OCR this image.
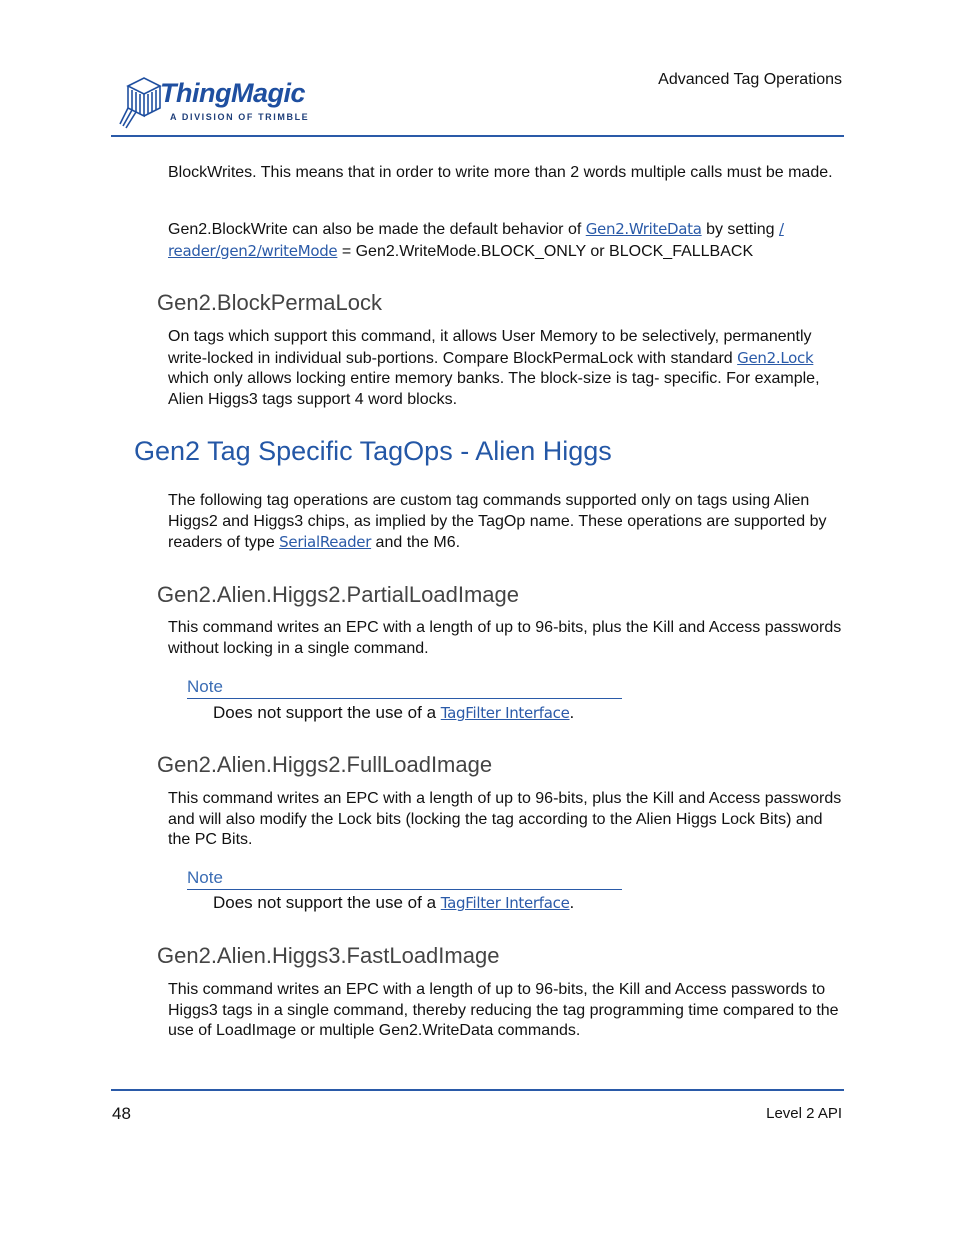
ThingMagic
A DIVISION OF TRIMBLE
Advanced Tag Operations

BlockWrites. This means that in order to write more than 2 words multiple calls must be made.

Gen2.BlockWrite can also be made the default behavior of Gen2.WriteData by setting /
reader/gen2/writeMode = Gen2.WriteMode.BLOCK_ONLY or BLOCK_FALLBACK

Gen2.BlockPermaLock

On tags which support this command, it allows User Memory to be selectively, permanently write-locked in individual sub-portions. Compare BlockPermaLock with standard Gen2.Lock which only allows locking entire memory banks. The block-size is tag- specific. For example, Alien Higgs3 tags support 4 word blocks.

Gen2 Tag Specific TagOps - Alien Higgs

The following tag operations are custom tag commands supported only on tags using Alien Higgs2 and Higgs3 chips, as implied by the TagOp name. These operations are supported by readers of type SerialReader and the M6.

Gen2.Alien.Higgs2.PartialLoadImage

This command writes an EPC with a length of up to 96-bits, plus the Kill and Access passwords without locking in a single command.

Note
Does not support the use of a TagFilter Interface.
Gen2.Alien.Higgs2.FullLoadImage

This command writes an EPC with a length of up to 96-bits, plus the Kill and Access passwords and will also modify the Lock bits (locking the tag according to the Alien Higgs Lock Bits) and the PC Bits.

Note
Does not support the use of a TagFilter Interface.
Gen2.Alien.Higgs3.FastLoadImage

This command writes an EPC with a length of up to 96-bits, the Kill and Access passwords to Higgs3 tags in a single command, thereby reducing the tag programming time compared to the use of LoadImage or multiple Gen2.WriteData commands.

48	Level 2 API
